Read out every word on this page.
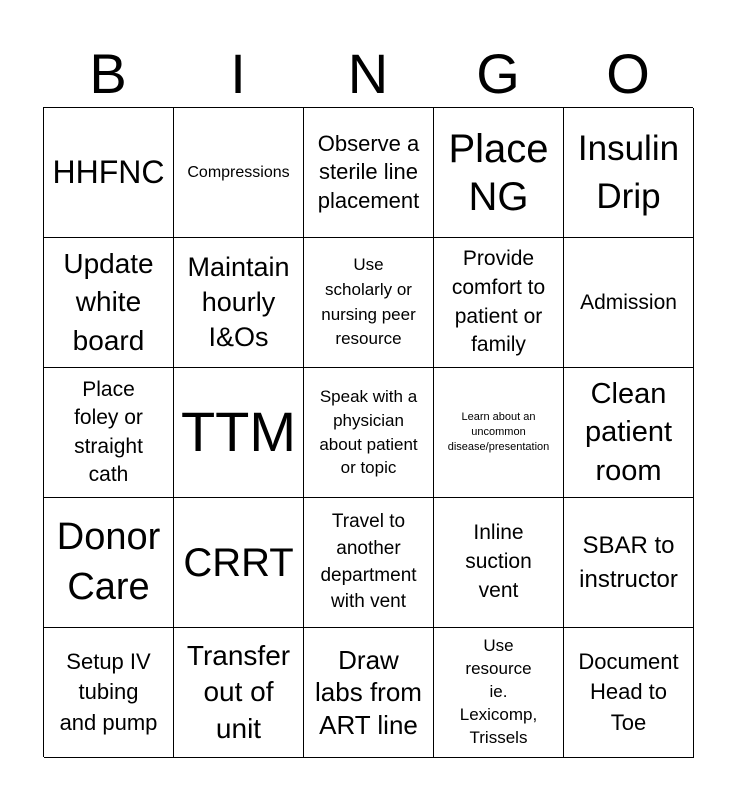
B	I	N	G	O
HHFNC Compressions
Observe a
sterile line
placement
Place
NG
Insulin
Drip
Update
white
board
Maintain
hourly
I&Os
Use
scholarly or
nursing peer
resource
Provide
comfort to
patient or
family
Admission
Place
foley or
straight
cath
TTM
Speak with a
physician
about patient
or topic
Learn about an
uncommon
disease/presentation
Clean
patient
room
Donor
Care
CRRT
Travel to
another
department
with vent
Inline
suction
vent
SBAR to
instructor
Setup IV
tubing
and pump
Transfer
out of
unit
Draw
labs from
ART line
Use
resource
ie.
Lexicomp,
Trissels
Document
Head to
Toe
